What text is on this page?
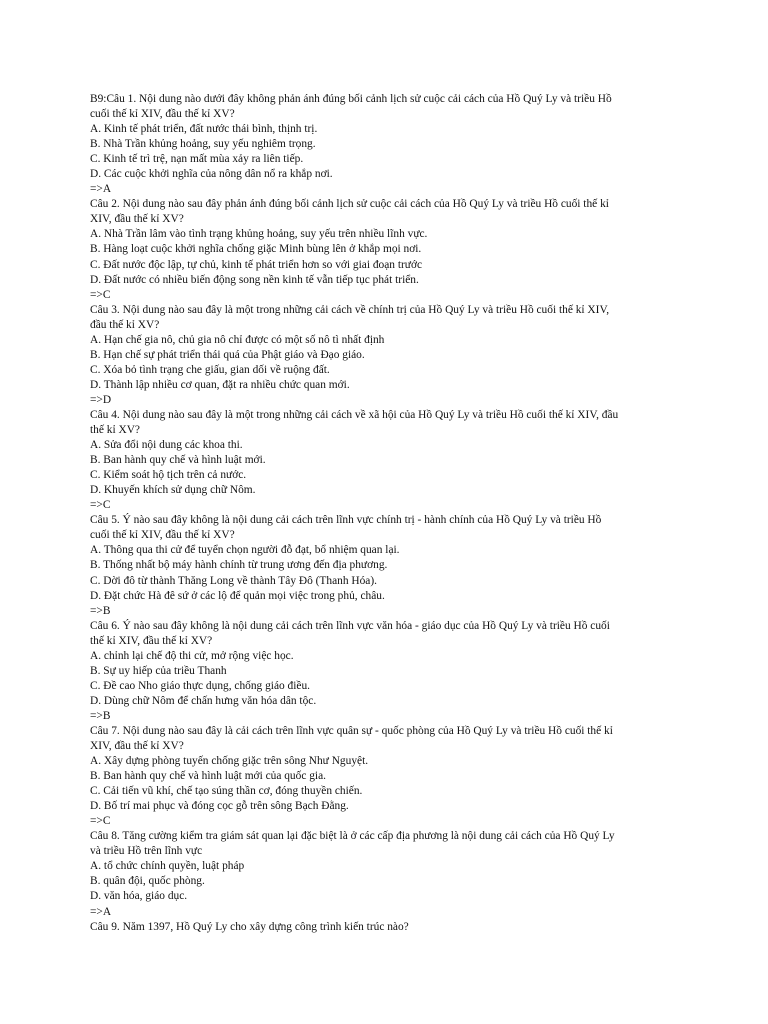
B9:Câu 1. Nội dung nào dưới đây không phản ánh đúng bối cảnh lịch sử cuộc cải cách của Hồ Quý Ly và triều Hồ
cuối thế kỉ XIV, đầu thế kỉ XV?
A. Kinh tế phát triển, đất nước thái bình, thịnh trị.
B. Nhà Trần khủng hoảng, suy yếu nghiêm trọng.
C. Kinh tế trì trệ, nạn mất mùa xảy ra liên tiếp.
D. Các cuộc khởi nghĩa của nông dân nổ ra khắp nơi.
=>A
Câu 2. Nội dung nào sau đây phản ánh đúng bối cảnh lịch sử cuộc cải cách của Hồ Quý Ly và triều Hồ cuối thế kỉ
XIV, đầu thế kỉ XV?
A. Nhà Trần lâm vào tình trạng khủng hoảng, suy yếu trên nhiều lĩnh vực.
B. Hàng loạt cuộc khởi nghĩa chống giặc Minh bùng lên ở khắp mọi nơi.
C. Đất nước độc lập, tự chủ, kinh tế phát triển hơn so với giai đoạn trước
D. Đất nước có nhiều biến động song nền kinh tế vẫn tiếp tục phát triển.
=>C
Câu 3. Nội dung nào sau đây là một trong những cải cách về chính trị của Hồ Quý Ly và triều Hồ cuối thế kỉ XIV,
đầu thế kỉ XV?
A. Hạn chế gia nô, chủ gia nô chỉ được có một số nô tì nhất định
B. Hạn chế sự phát triển thái quá của Phật giáo và Đạo giáo.
C. Xóa bỏ tình trạng che giấu, gian dối về ruộng đất.
D. Thành lập nhiều cơ quan, đặt ra nhiều chức quan mới.
=>D
Câu 4. Nội dung nào sau đây là một trong những cải cách về xã hội của Hồ Quý Ly và triều Hồ cuối thế kỉ XIV, đầu
thế kỉ XV?
A. Sửa đổi nội dung các khoa thi.
B. Ban hành quy chế và hình luật mới.
C. Kiểm soát hộ tịch trên cả nước.
D. Khuyến khích sử dụng chữ Nôm.
=>C
Câu 5. Ý nào sau đây không là nội dung cải cách trên lĩnh vực chính trị - hành chính của Hồ Quý Ly và triều Hồ
cuối thế kỉ XIV, đầu thế kỉ XV?
A. Thông qua thi cử để tuyển chọn người đỗ đạt, bổ nhiệm quan lại.
B. Thống nhất bộ máy hành chính từ trung ương đến địa phương.
C. Dời đô từ thành Thăng Long về thành Tây Đô (Thanh Hóa).
D. Đặt chức Hà đê sứ ở các lộ để quản mọi việc trong phủ, châu.
=>B
Câu 6. Ý nào sau đây không là nội dung cải cách trên lĩnh vực văn hóa - giáo dục của Hồ Quý Ly và triều Hồ cuối
thế kỉ XIV, đầu thế kỉ XV?
A. chỉnh lại chế độ thi cử, mở rộng việc học.
B. Sự uy hiếp của triều Thanh
C. Đề cao Nho giáo thực dụng, chống giáo điều.
D. Dùng chữ Nôm để chấn hưng văn hóa dân tộc.
=>B
Câu 7. Nội dung nào sau đây là cải cách trên lĩnh vực quân sự - quốc phòng của Hồ Quý Ly và triều Hồ cuối thế kỉ
XIV, đầu thế kỉ XV?
A. Xây dựng phòng tuyến chống giặc trên sông Như Nguyệt.
B. Ban hành quy chế và hình luật mới của quốc gia.
C. Cải tiến vũ khí, chế tạo súng thần cơ, đóng thuyền chiến.
D. Bố trí mai phục và đóng cọc gỗ trên sông Bạch Đằng.
=>C
Câu 8. Tăng cường kiểm tra giám sát quan lại đặc biệt là ở các cấp địa phương là nội dung cải cách của Hồ Quý Ly
và triều Hồ trên lĩnh vực
A. tổ chức chính quyền, luật pháp
B. quân đội, quốc phòng.
D. văn hóa, giáo dục.
=>A
Câu 9. Năm 1397, Hồ Quý Ly cho xây dựng công trình kiến trúc nào?
